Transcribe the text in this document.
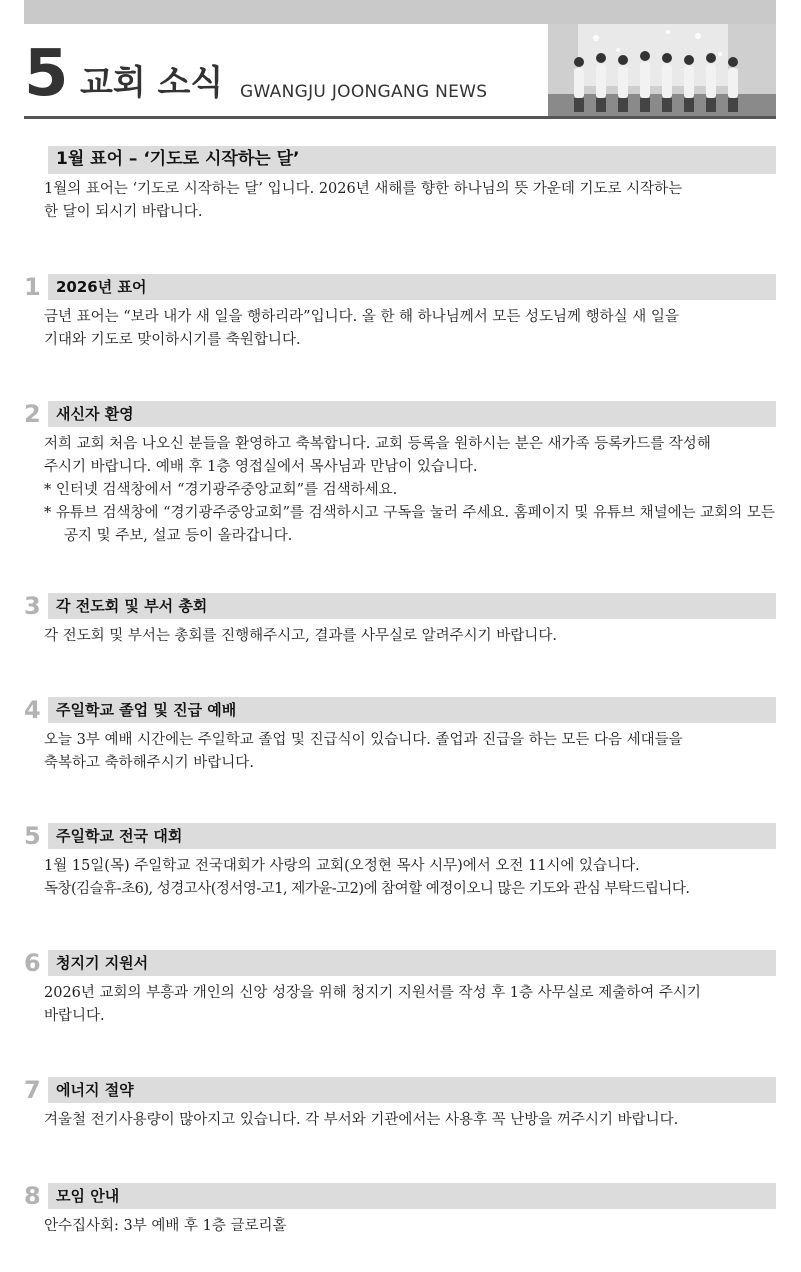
5 교회 소식 GWANGJU JOONGANG NEWS
1월 표어 – ‘기도로 시작하는 달’
1월의 표어는 ‘기도로 시작하는 달’ 입니다. 2026년 새해를 향한 하나님의 뜻 가운데 기도로 시작하는
한 달이 되시기 바랍니다.
1 2026년 표어
금년 표어는 “보라 내가 새 일을 행하리라”입니다. 올 한 해 하나님께서 모든 성도님께 행하실 새 일을
기대와 기도로 맞이하시기를 축원합니다.
2 새신자 환영
저희 교회 처음 나오신 분들을 환영하고 축복합니다. 교회 등록을 원하시는 분은 새가족 등록카드를 작성해
주시기 바랍니다. 예배 후 1층 영접실에서 목사님과 만남이 있습니다.
* 인터넷 검색창에서 “경기광주중앙교회”를 검색하세요.
* 유튜브 검색창에 “경기광주중앙교회”를 검색하시고 구독을 눌러 주세요. 홈페이지 및 유튜브 채널에는 교회의 모든 공지 및 주보, 설교 등이 올라갑니다.
3 각 전도회 및 부서 총회
각 전도회 및 부서는 총회를 진행해주시고, 결과를 사무실로 알려주시기 바랍니다.
4 주일학교 졸업 및 진급 예배
오늘 3부 예배 시간에는 주일학교 졸업 및 진급식이 있습니다. 졸업과 진급을 하는 모든 다음 세대들을
축복하고 축하해주시기 바랍니다.
5 주일학교 전국 대회
1월 15일(목) 주일학교 전국대회가 사랑의 교회(오정현 목사 시무)에서 오전 11시에 있습니다.
독창(김슬휴-초6), 성경고사(정서영-고1, 제가윤-고2)에 참여할 예정이오니 많은 기도와 관심 부탁드립니다.
6 청지기 지원서
2026년 교회의 부흥과 개인의 신앙 성장을 위해 청지기 지원서를 작성 후 1층 사무실로 제출하여 주시기
바랍니다.
7 에너지 절약
겨울철 전기사용량이 많아지고 있습니다. 각 부서와 기관에서는 사용후 꼭 난방을 꺼주시기 바랍니다.
8 모임 안내
안수집사회: 3부 예배 후 1층 글로리홀
